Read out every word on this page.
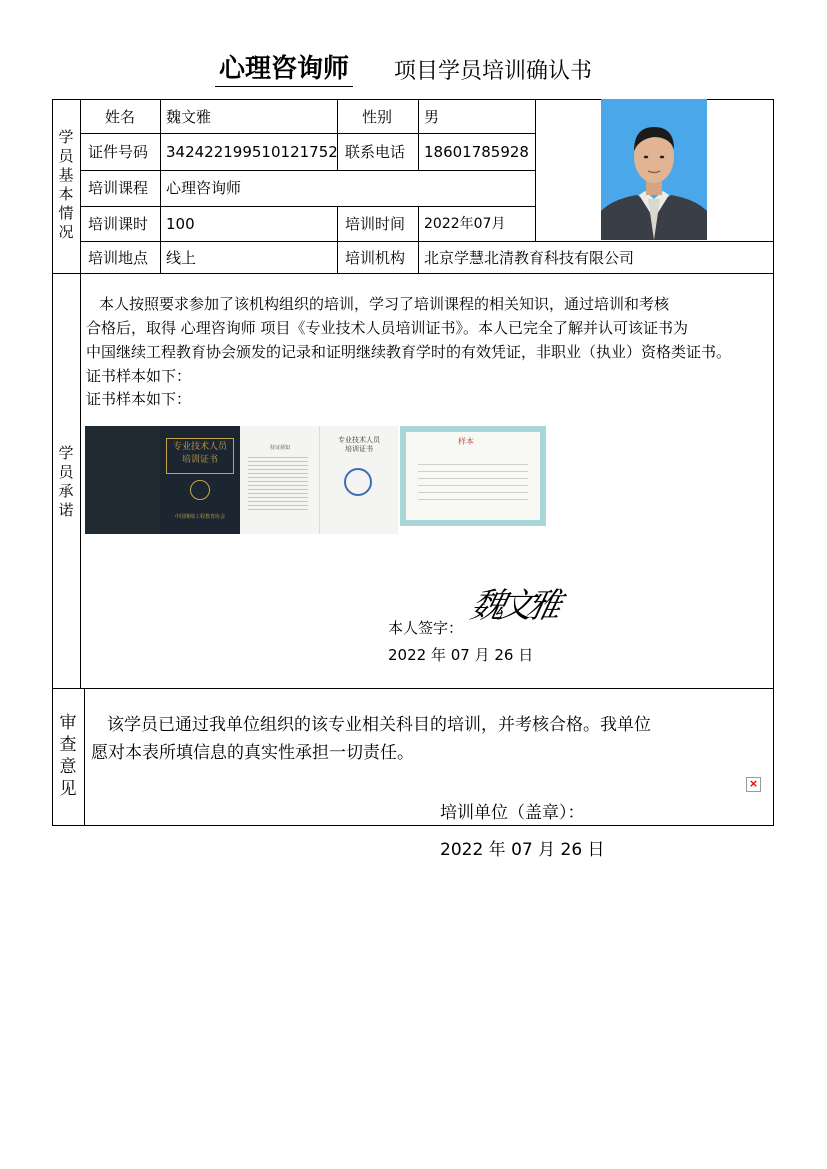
心理咨询师 项目学员培训确认书
学员基本情况
学员承诺
审查意见
姓名 魏文雅	性别 男
证件号码 342422199510121752 联系电话 18601785928
培训课程 心理咨询师
培训课时 100	培训时间 2022年07月
培训地点 线上	培训机构 北京学慧北清教育科技有限公司
本人按照要求参加了该机构组织的培训，学习了培训课程的相关知识，通过培训和考核
合格后，取得 心理咨询师 项目《专业技术人员培训证书》。本人已完全了解并认可该证书为
中国继续工程教育协会颁发的记录和证明继续教育学时的有效凭证，非职业（执业）资格类证书。
证书样本如下：
证书样本如下：
专业技术人员
培训证书
中国继续工程教育协会
持证须知
专业技术人员
培训证书
样本
本人签字：
魏文雅
2022 年 07 月 26 日
该学员已通过我单位组织的该专业相关科目的培训，并考核合格。我单位
愿对本表所填信息的真实性承担一切责任。
×
培训单位（盖章）：
2022 年 07 月 26 日
